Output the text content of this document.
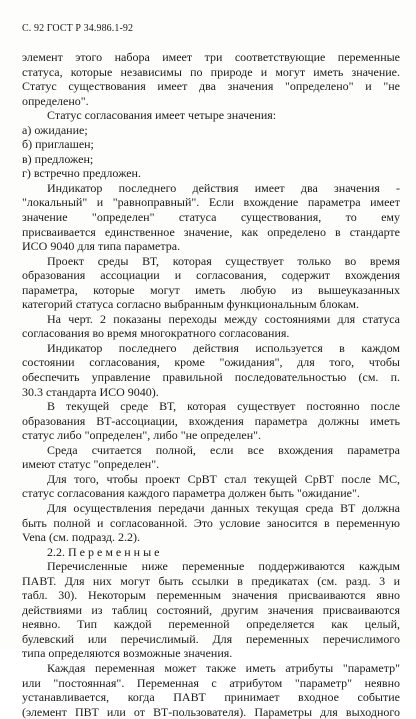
С. 92 ГОСТ Р 34.986.1-92
элемент этого набора имеет три соответствующие переменные
статуса, которые независимы по природе и могут иметь значение.
Статус существования имеет два значения "определено" и "не
определено".
Статус согласования имеет четыре значения:
а) ожидание;
б) приглашен;
в) предложен;
г) встречно предложен.
Индикатор последнего действия имеет два значения -
"локальный" и "равноправный". Если вхождение параметра имеет
значение "определен" статуса существования, то ему
присваивается единственное значение, как определено в стандарте
ИСО 9040 для типа параметра.
Проект среды ВТ, которая существует только во время
образования ассоциации и согласования, содержит вхождения
параметра, которые могут иметь любую из вышеуказанных
категорий статуса согласно выбранным функциональным блокам.
На черт. 2 показаны переходы между состояниями для статуса
согласования во время многократного согласования.
Индикатор последнего действия используется в каждом
состоянии согласования, кроме "ожидания", для того, чтобы
обеспечить управление правильной последовательностью (см. п.
30.3 стандарта ИСО 9040).
В текущей среде ВТ, которая существует постоянно после
образования ВТ-ассоциации, вхождения параметра должны иметь
статус либо "определен", либо "не определен".
Среда считается полной, если все вхождения параметра
имеют статус "определен".
Для того, чтобы проект СрВТ стал текущей СрВТ после МС,
статус согласования каждого параметра должен быть "ожидание".
Для осуществления передачи данных текущая среда ВТ должна
быть полной и согласованной. Это условие заносится в переменную
Vena (см. подразд. 2.2).
2.2. П е р е м е н н ы е
Перечисленные ниже переменные поддерживаются каждым
ПАВТ. Для них могут быть ссылки в предикатах (см. разд. 3 и
табл. 30). Некоторым переменным значения присваиваются явно
действиями из таблиц состояний, другим значения присваиваются
неявно. Тип каждой переменной определяется как целый,
булевский или перечислимый. Для переменных перечислимого
типа определяются возможные значения.
Каждая переменная может также иметь атрибуты "параметр"
или "постоянная". Переменная с атрибутом "параметр" неявно
устанавливается, когда ПАВТ принимает входное событие
(элемент ПВТ или от ВТ-пользователя). Параметры для выходного
